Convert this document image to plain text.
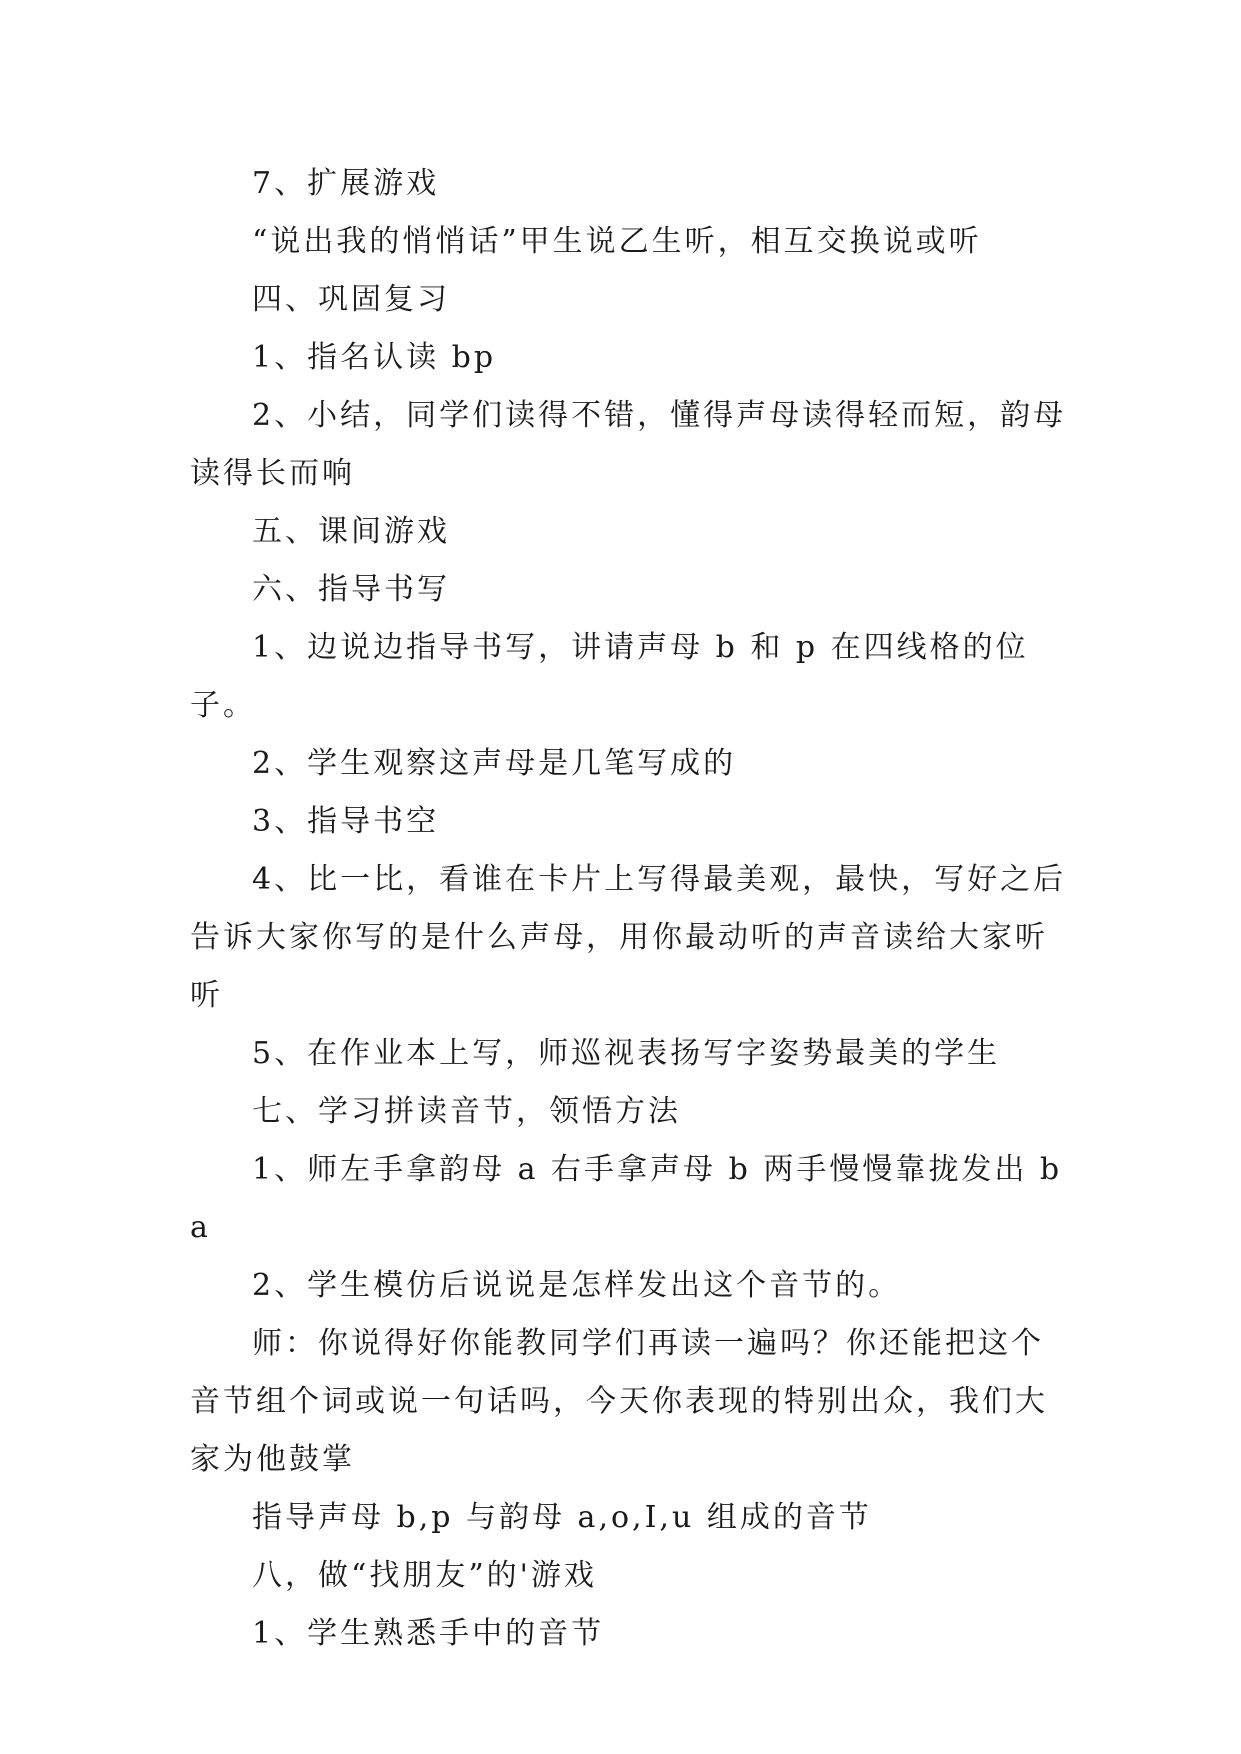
7、扩展游戏

“说出我的悄悄话”甲生说乙生听，相互交换说或听

四、巩固复习

1、指名认读 bp

2、小结，同学们读得不错，懂得声母读得轻而短，韵母读得长而响

五、课间游戏

六、指导书写

1、边说边指导书写，讲请声母 b 和 p 在四线格的位子。

2、学生观察这声母是几笔写成的

3、指导书空

4、比一比，看谁在卡片上写得最美观，最快，写好之后告诉大家你写的是什么声母，用你最动听的声音读给大家听听

5、在作业本上写，师巡视表扬写字姿势最美的学生

七、学习拼读音节，领悟方法

1、师左手拿韵母 a 右手拿声母 b 两手慢慢靠拢发出 ba

2、学生模仿后说说是怎样发出这个音节的。

师：你说得好你能教同学们再读一遍吗？你还能把这个音节组个词或说一句话吗，今天你表现的特别出众，我们大家为他鼓掌

指导声母 b,p 与韵母 a,o,I,u 组成的音节

八，做“找朋友”的'游戏

1、学生熟悉手中的音节
